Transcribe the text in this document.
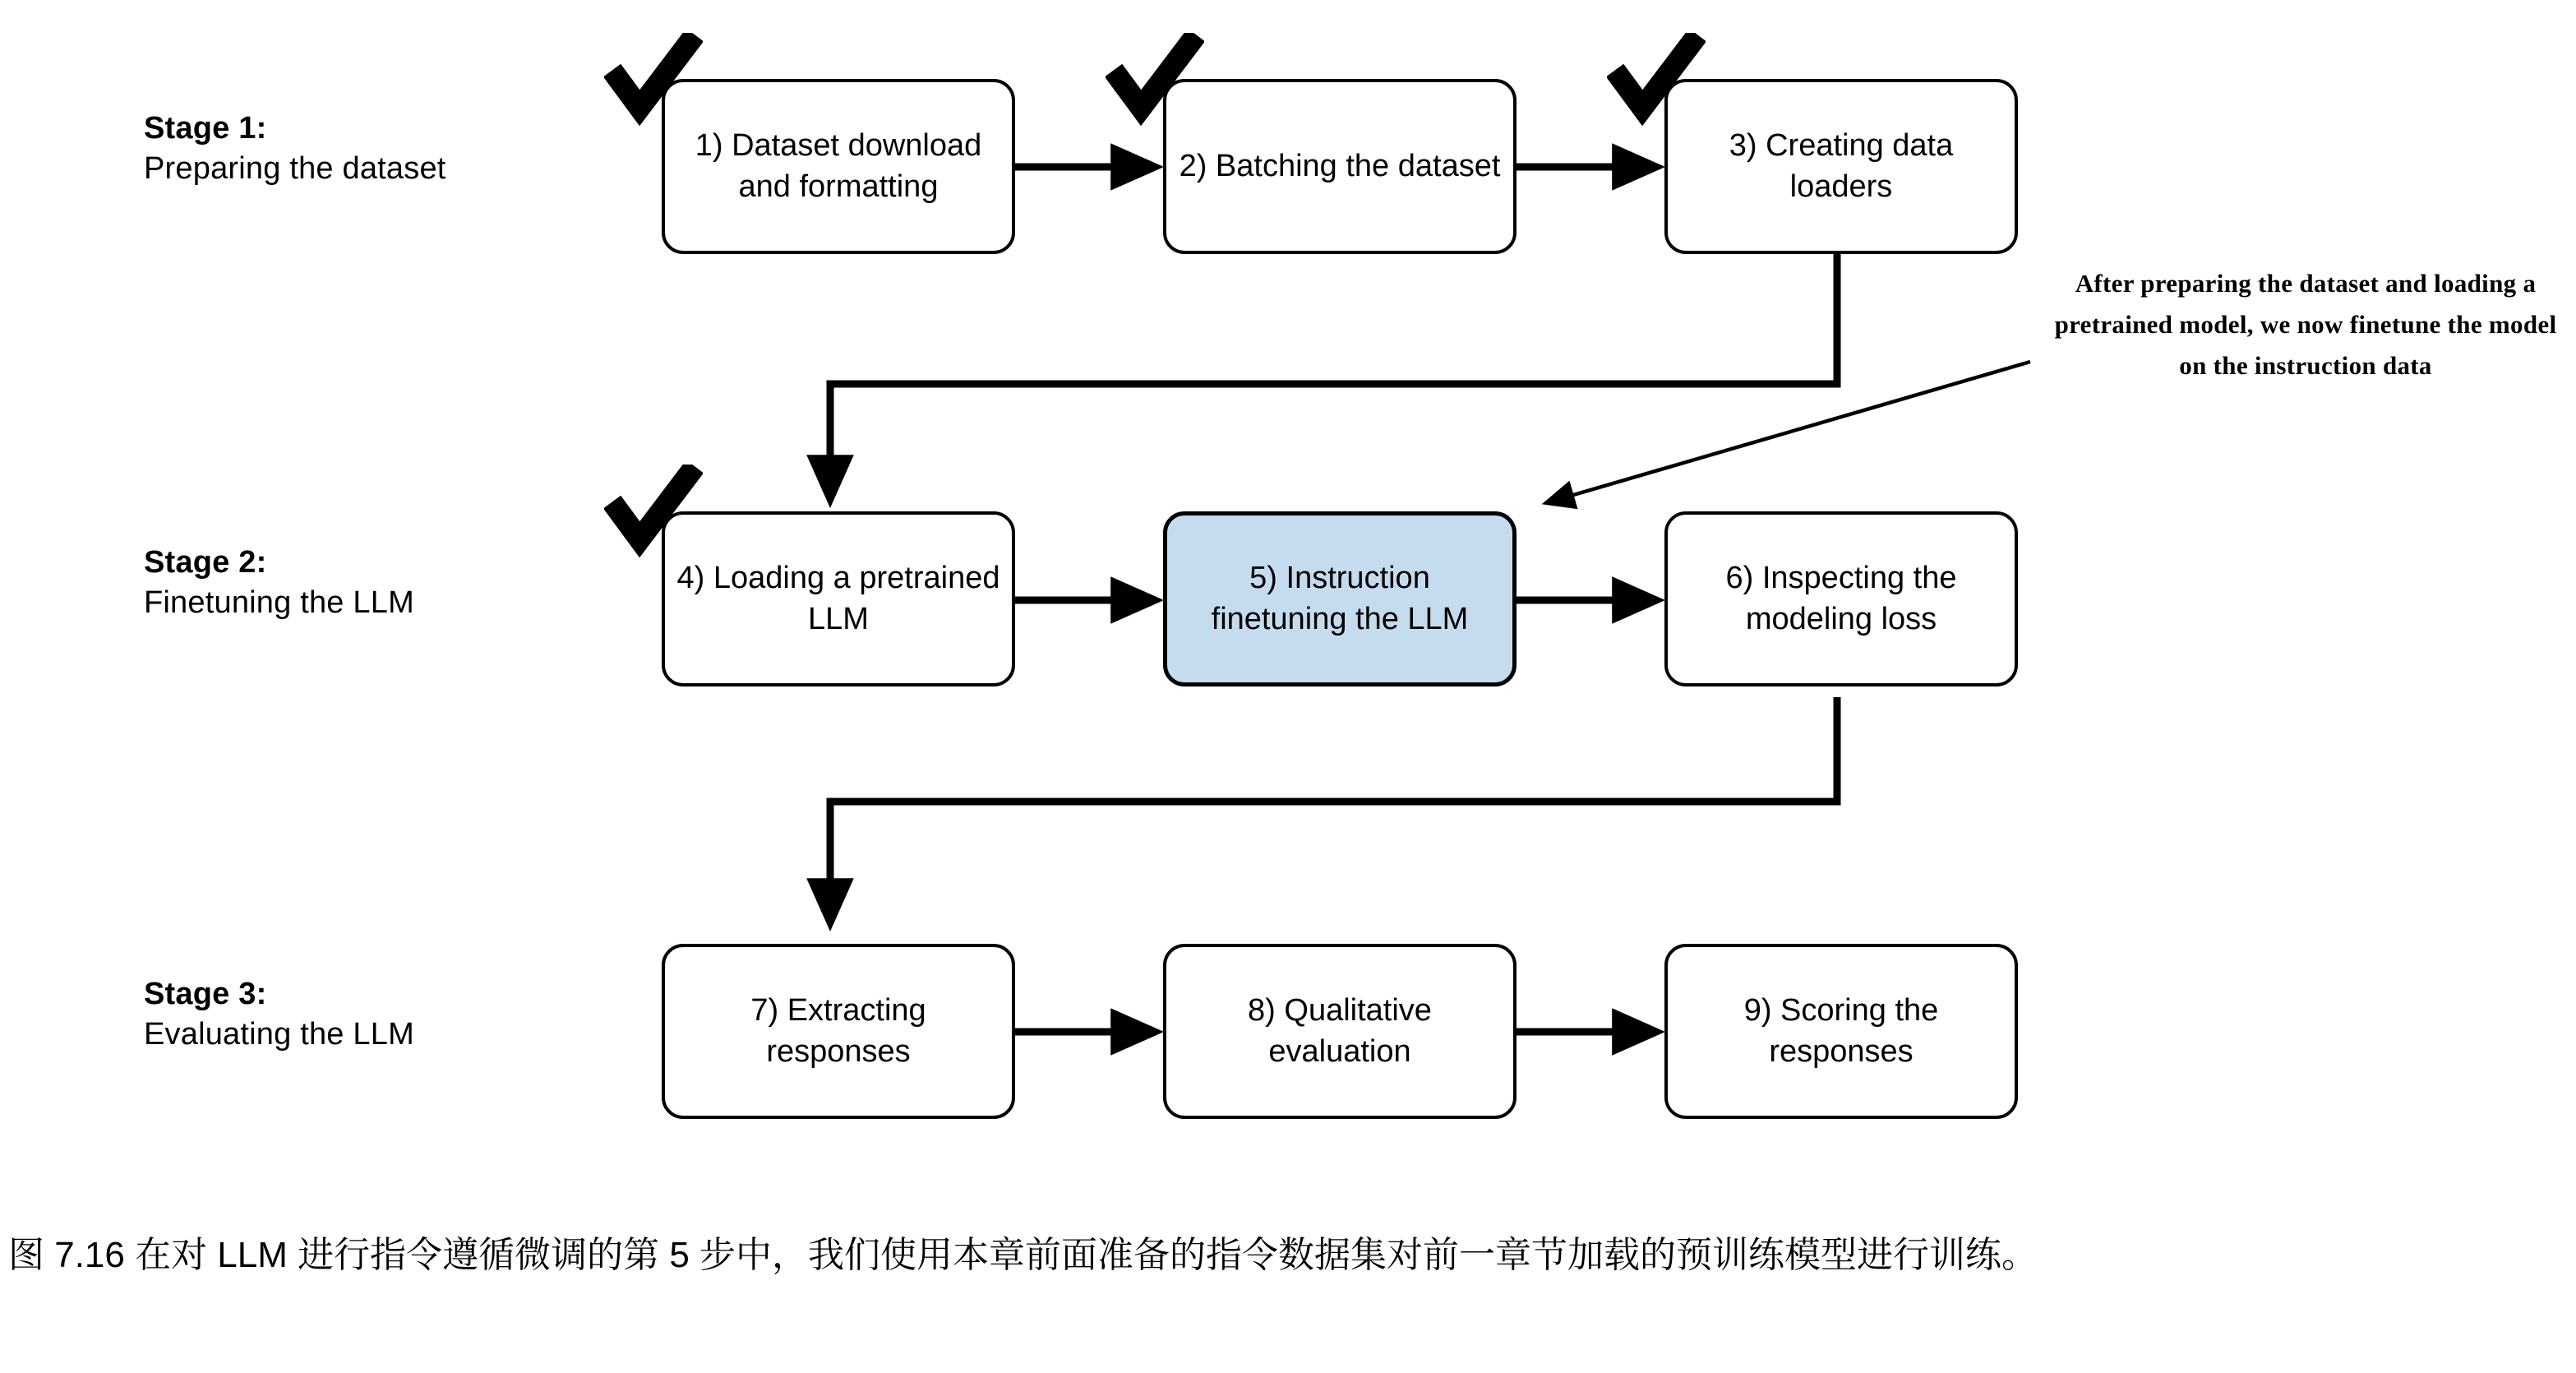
Stage 1:
Preparing the dataset
Stage 2:
Finetuning the LLM
Stage 3:
Evaluating the LLM
1) Dataset download and formatting
2) Batching the dataset
3) Creating data loaders
4) Loading a pretrained LLM
5) Instruction finetuning the LLM
6) Inspecting the modeling loss
7) Extracting responses
8) Qualitative evaluation
9) Scoring the responses
After preparing the dataset and loading a pretrained model, we now finetune the model on the instruction data
图 7.16 在对 LLM 进行指令遵循微调的第 5 步中，我们使用本章前面准备的指令数据集对前一章节加载的预训练模型进行训练。
